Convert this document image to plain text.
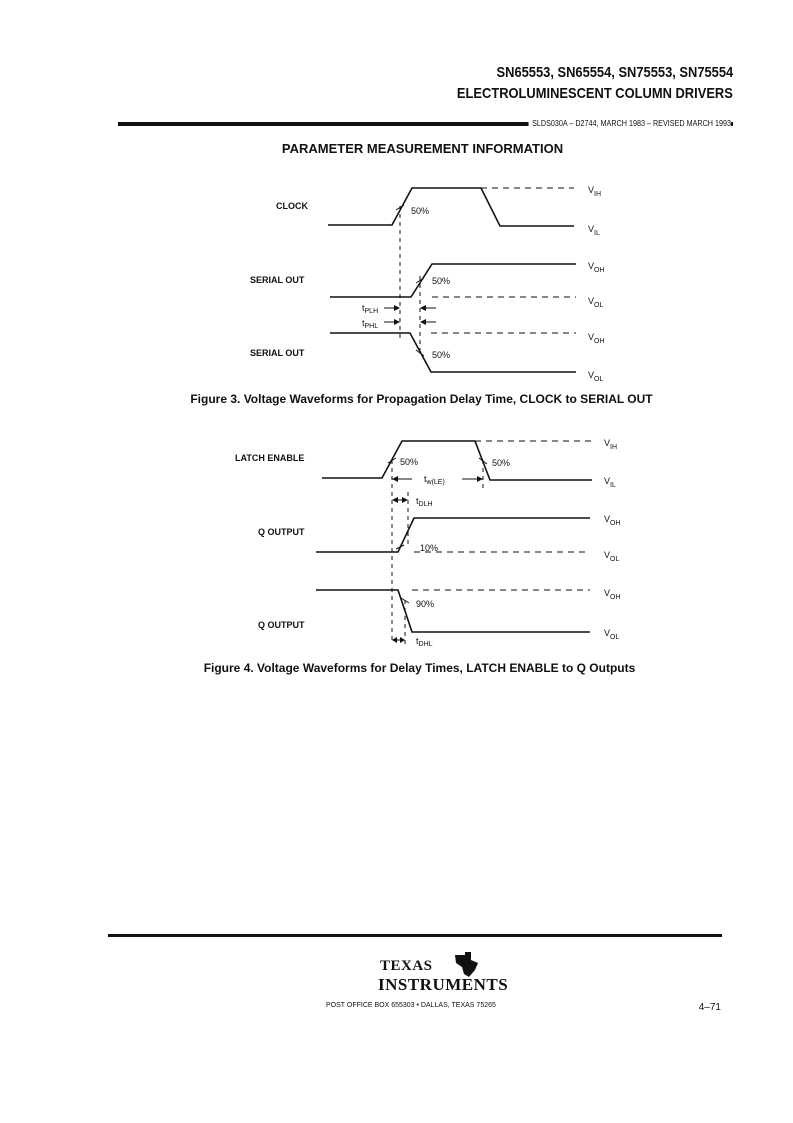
SN65553, SN65554, SN75553, SN75554
ELECTROLUMINESCENT COLUMN DRIVERS
SLDS030A – D2744, MARCH 1983 – REVISED MARCH 1993
PARAMETER MEASUREMENT INFORMATION
CLOCK
SERIAL OUT
SERIAL OUT
50%
50%
50%
$V_{IH}$
$V_{IL}$
$V_{OH}$
$V_{OL}$
$V_{OH}$
$V_{OL}$
$t_{PLH}$
$t_{PHL}$
LATCH ENABLE
Q OUTPUT
Q OUTPUT
50%	50%
10%
90%
$V_{IH}$
$V_{IL}$
$V_{OH}$
$V_{OL}$
$V_{OH}$
$V_{OL}$
$t_{w(LE)}$
$t_{DLH}$
$t_{DHL}$
Figure 3. Voltage Waveforms for Propagation Delay Time, CLOCK to SERIAL OUT
Figure 4. Voltage Waveforms for Delay Times, LATCH ENABLE to Q Outputs
TEXAS
INSTRUMENTS
ti
POST OFFICE BOX 655303 • DALLAS, TEXAS 75265	4–71
